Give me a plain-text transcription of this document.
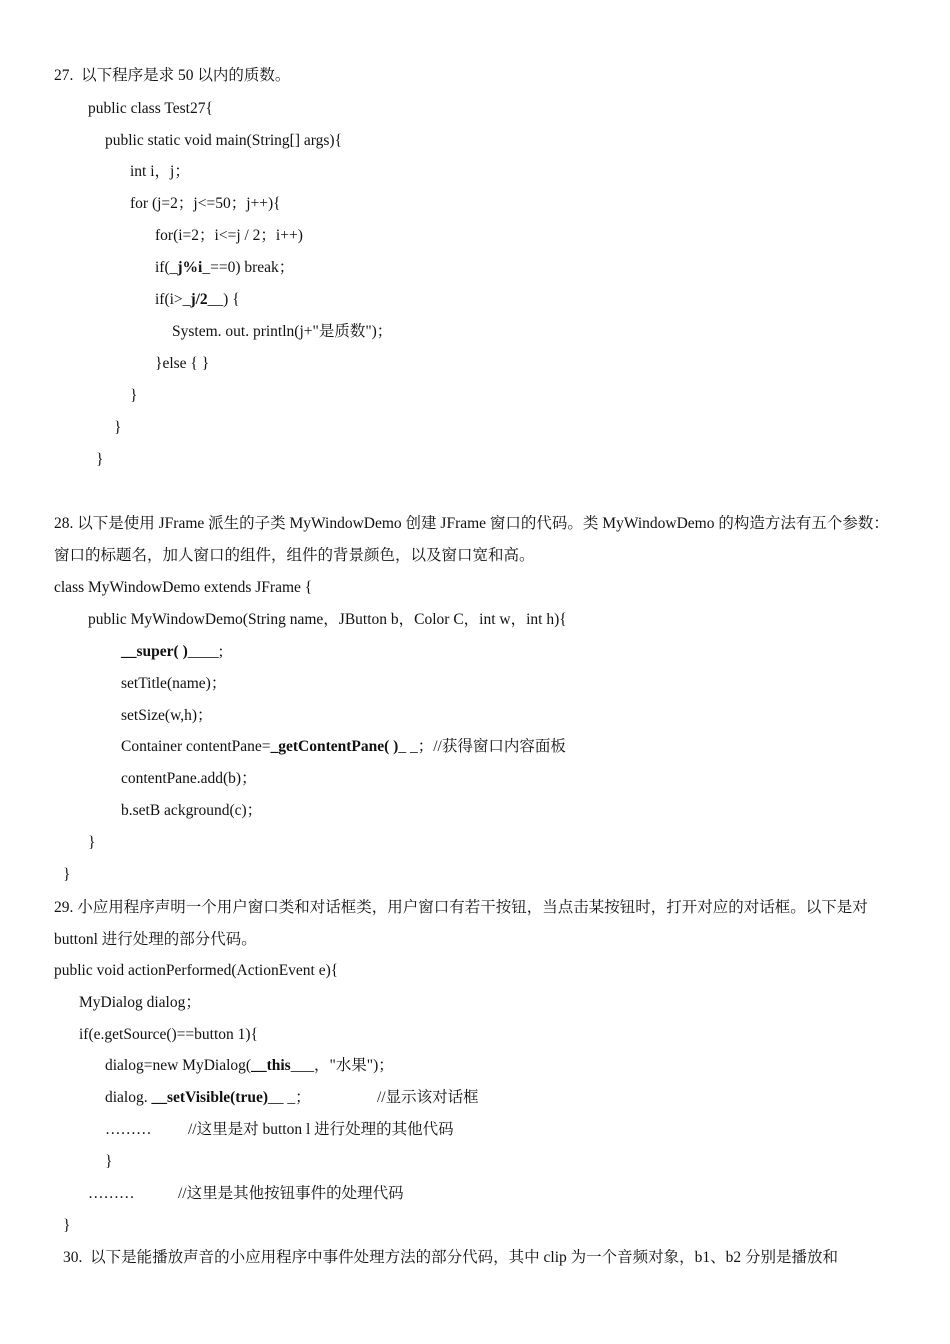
27.  以下程序是求 50 以内的质数。
public class Test27{
public static void main(String[] args){
int i，j；
for (j=2；j<=50；j++){
for(i=2；i<=j / 2；i++)
if(_j%i_==0) break；
if(i>_j/2__) {
System. out. println(j+"是质数")；
}else { }
}
}
}
28. 以下是使用 JFrame 派生的子类 MyWindowDemo 创建 JFrame 窗口的代码。类 MyWindowDemo 的构造方法有五个参数：窗口的标题名，加人窗口的组件，组件的背景颜色，以及窗口宽和高。
class MyWindowDemo extends JFrame {
public MyWindowDemo(String name，JButton b，Color C，int w，int h){
__super( )____;
setTitle(name)；
setSize(w,h)；
Container contentPane=_getContentPane( )_ _；//获得窗口内容面板
contentPane.add(b)；
b.setB ackground(c)；
}
}
29. 小应用程序声明一个用户窗口类和对话框类，用户窗口有若干按钮，当点击某按钮时，打开对应的对话框。以下是对 buttonl 进行处理的部分代码。
public void actionPerformed(ActionEvent e){
MyDialog dialog；
if(e.getSource()==button 1){
dialog=new MyDialog(__this___，"水果")；
dialog. __setVisible(true)__ _；	//显示该对话框
……… //这里是对 button l 进行处理的其他代码
}
………	//这里是其他按钮事件的处理代码
}
30.  以下是能播放声音的小应用程序中事件处理方法的部分代码，其中 clip 为一个音频对象，b1、b2 分别是播放和
